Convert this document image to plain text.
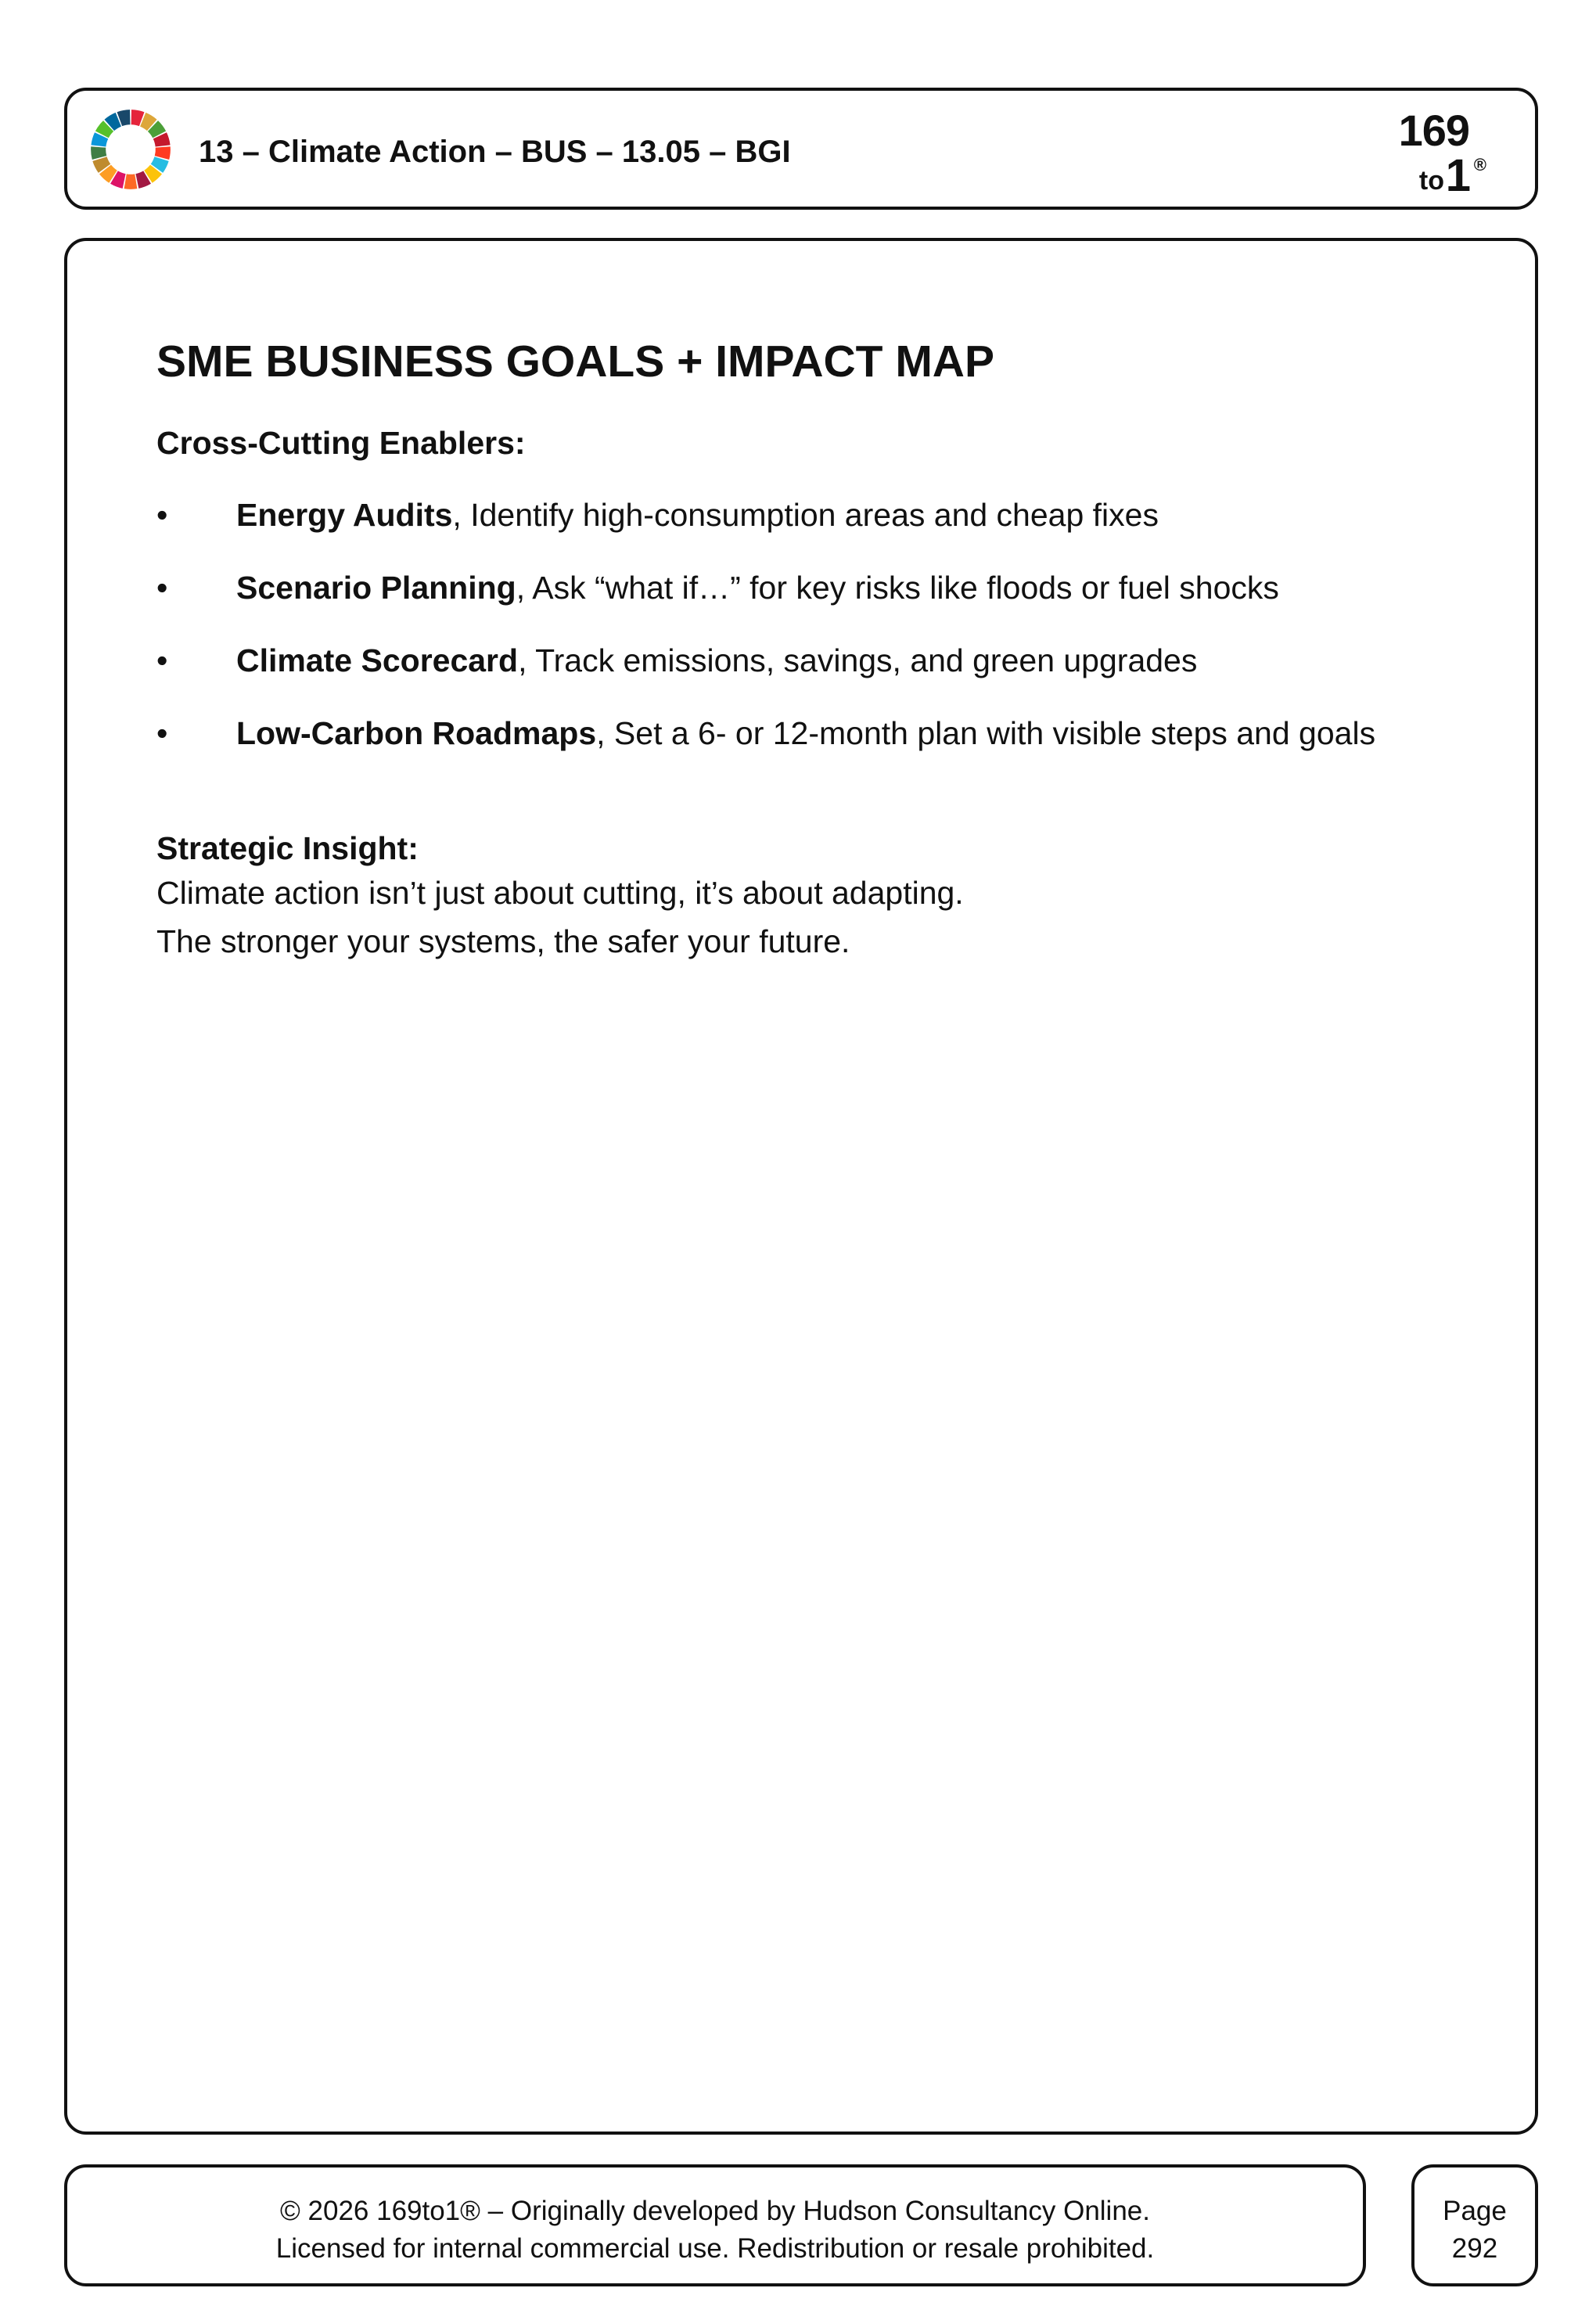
13 – Climate Action – BUS – 13.05 – BGI	169
to 1 ®
SME BUSINESS GOALS + IMPACT MAP
Cross-Cutting Enablers:
• Energy Audits, Identify high-consumption areas and cheap fixes
• Scenario Planning, Ask “what if…” for key risks like floods or fuel shocks
• Climate Scorecard, Track emissions, savings, and green upgrades
• Low-Carbon Roadmaps, Set a 6- or 12-month plan with visible steps and goals
Strategic Insight:
Climate action isn’t just about cutting, it’s about adapting.
The stronger your systems, the safer your future.
© 2026 169to1® – Originally developed by Hudson Consultancy Online.
Licensed for internal commercial use. Redistribution or resale prohibited.
Page
292
